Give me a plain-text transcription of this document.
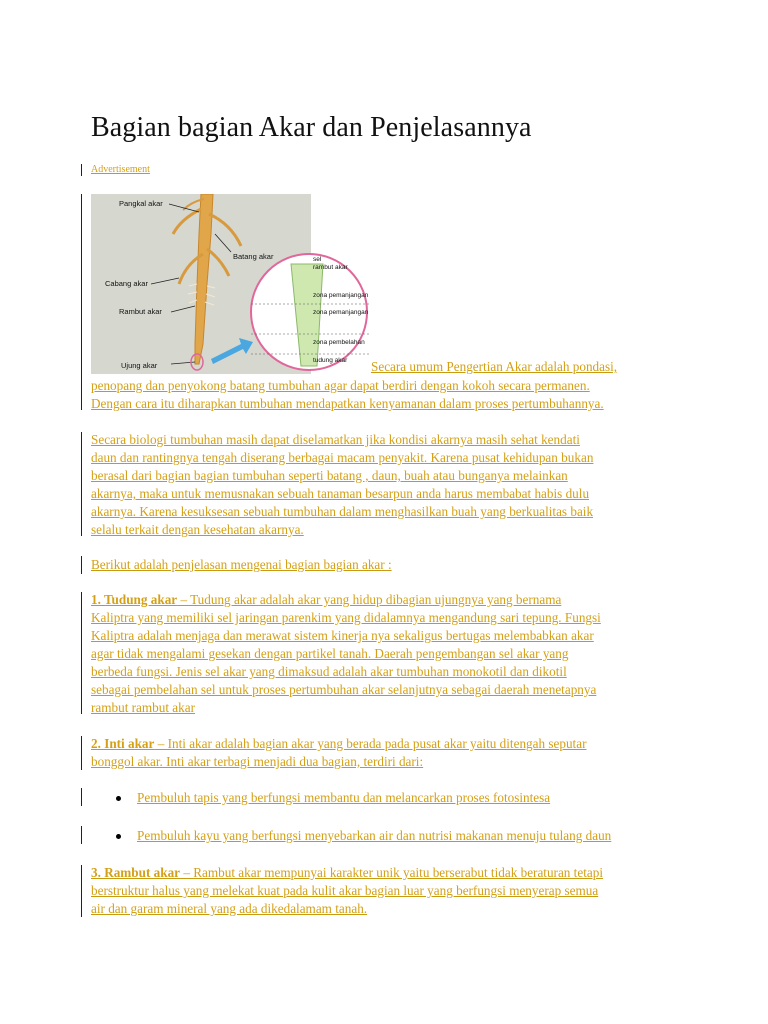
Bagian bagian Akar dan Penjelasannya
Advertisement
Pangkal akar
Batang akar
Cabang akar
Rambut akar
Ujung akar
sel
rambut akar
zona pemanjangan
zona pemanjangan
zona pembelahan
tudung akar Secara umum Pengertian Akar adalah pondasi,
penopang dan penyokong batang tumbuhan agar dapat berdiri dengan kokoh secara permanen.
Dengan cara itu diharapkan tumbuhan mendapatkan kenyamanan dalam proses pertumbuhannya.
Secara biologi tumbuhan masih dapat diselamatkan jika kondisi akarnya masih sehat kendati
daun dan rantingnya tengah diserang berbagai macam penyakit. Karena pusat kehidupan bukan
berasal dari bagian bagian tumbuhan seperti batang , daun, buah atau bunganya melainkan
akarnya, maka untuk memusnakan sebuah tanaman besarpun anda harus membabat habis dulu
akarnya. Karena kesuksesan sebuah tumbuhan dalam menghasilkan buah yang berkualitas baik
selalu terkait dengan kesehatan akarnya.
Berikut adalah penjelasan mengenai bagian bagian akar :
1. Tudung akar – Tudung akar adalah akar yang hidup dibagian ujungnya yang bernama
Kaliptra yang memiliki sel jaringan parenkim yang didalamnya mengandung sari tepung. Fungsi
Kaliptra adalah menjaga dan merawat sistem kinerja nya sekaligus bertugas melembabkan akar
agar tidak mengalami gesekan dengan partikel tanah. Daerah pengembangan sel akar yang
berbeda fungsi. Jenis sel akar yang dimaksud adalah akar tumbuhan monokotil dan dikotil
sebagai pembelahan sel untuk proses pertumbuhan akar selanjutnya sebagai daerah menetapnya
rambut rambut akar
2. Inti akar – Inti akar adalah bagian akar yang berada pada pusat akar yaitu ditengah seputar
bonggol akar. Inti akar terbagi menjadi dua bagian, terdiri dari:
Pembuluh tapis yang berfungsi membantu dan melancarkan proses fotosintesa
Pembuluh kayu yang berfungsi menyebarkan air dan nutrisi makanan menuju tulang daun
3. Rambut akar – Rambut akar mempunyai karakter unik yaitu berserabut tidak beraturan tetapi
berstruktur halus yang melekat kuat pada kulit akar bagian luar yang berfungsi menyerap semua
air dan garam mineral yang ada dikedalamam tanah.
